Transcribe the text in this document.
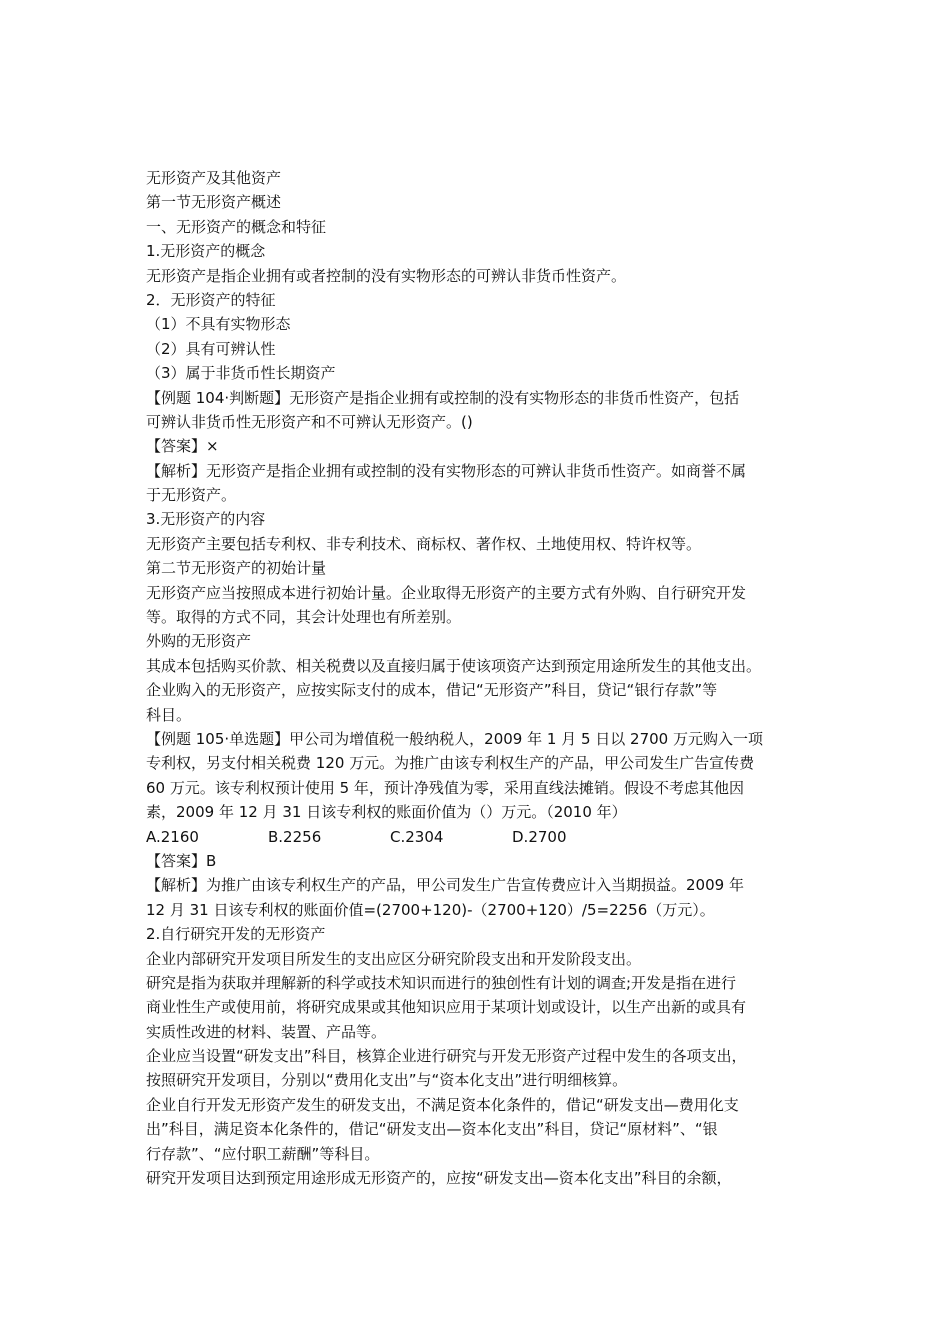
无形资产及其他资产
第一节无形资产概述
一、无形资产的概念和特征
1.无形资产的概念
无形资产是指企业拥有或者控制的没有实物形态的可辨认非货币性资产。
2．无形资产的特征
（1）不具有实物形态
（2）具有可辨认性
（3）属于非货币性长期资产
【例题 104·判断题】无形资产是指企业拥有或控制的没有实物形态的非货币性资产，包括
可辨认非货币性无形资产和不可辨认无形资产。()
【答案】×
【解析】无形资产是指企业拥有或控制的没有实物形态的可辨认非货币性资产。如商誉不属
于无形资产。
3.无形资产的内容
无形资产主要包括专利权、非专利技术、商标权、著作权、土地使用权、特许权等。
第二节无形资产的初始计量
无形资产应当按照成本进行初始计量。企业取得无形资产的主要方式有外购、自行研究开发
等。取得的方式不同，其会计处理也有所差别。
外购的无形资产
其成本包括购买价款、相关税费以及直接归属于使该项资产达到预定用途所发生的其他支出。
企业购入的无形资产，应按实际支付的成本，借记“无形资产”科目，贷记“银行存款”等
科目。
【例题 105·单选题】甲公司为增值税一般纳税人，2009 年 1 月 5 日以 2700 万元购入一项
专利权，另支付相关税费 120 万元。为推广由该专利权生产的产品，甲公司发生广告宣传费
60 万元。该专利权预计使用 5 年，预计净残值为零，采用直线法摊销。假设不考虑其他因
素，2009 年 12 月 31 日该专利权的账面价值为（）万元。（2010 年）
A.2160	B.2256	C.2304	D.2700
【答案】B
【解析】为推广由该专利权生产的产品，甲公司发生广告宣传费应计入当期损益。2009 年
12 月 31 日该专利权的账面价值=(2700+120)-（2700+120）/5=2256（万元）。
2.自行研究开发的无形资产
企业内部研究开发项目所发生的支出应区分研究阶段支出和开发阶段支出。
研究是指为获取并理解新的科学或技术知识而进行的独创性有计划的调查;开发是指在进行
商业性生产或使用前，将研究成果或其他知识应用于某项计划或设计，以生产出新的或具有
实质性改进的材料、装置、产品等。
企业应当设置“研发支出”科目，核算企业进行研究与开发无形资产过程中发生的各项支出，
按照研究开发项目，分别以“费用化支出”与“资本化支出”进行明细核算。
企业自行开发无形资产发生的研发支出，不满足资本化条件的，借记“研发支出—费用化支
出”科目，满足资本化条件的，借记“研发支出—资本化支出”科目，贷记“原材料”、“银
行存款”、“应付职工薪酬”等科目。
研究开发项目达到预定用途形成无形资产的，应按“研发支出—资本化支出”科目的余额，
